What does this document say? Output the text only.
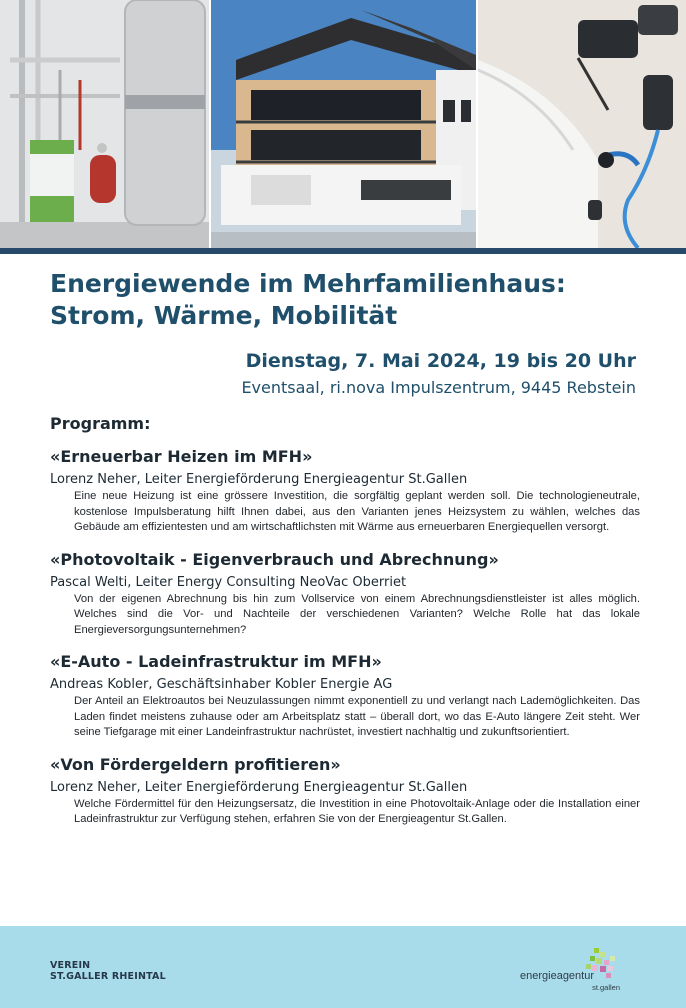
Energiewende im Mehrfamilienhaus:
Strom, Wärme, Mobilität
Dienstag, 7. Mai 2024, 19 bis 20 Uhr
Eventsaal, ri.nova Impulszentrum, 9445 Rebstein
Programm:
«Erneuerbar Heizen im MFH»
Lorenz Neher, Leiter Energieförderung Energieagentur St.Gallen
Eine neue Heizung ist eine grössere Investition, die sorgfältig geplant werden soll. Die technologieneutrale, kostenlose Impulsberatung hilft Ihnen dabei, aus den Varianten jenes Heizsystem zu wählen, welches das Gebäude am effizientesten und am wirtschaftlichsten mit Wärme aus erneuerbaren Energiequellen versorgt.
«Photovoltaik - Eigenverbrauch und Abrechnung»
Pascal Welti, Leiter Energy Consulting NeoVac Oberriet
Von der eigenen Abrechnung bis hin zum Vollservice von einem Abrechnungsdienstleister ist alles möglich. Welches sind die Vor- und Nachteile der verschiedenen Varianten? Welche Rolle hat das lokale Energieversorgungsunternehmen?
«E-Auto - Ladeinfrastruktur im MFH»
Andreas Kobler, Geschäftsinhaber Kobler Energie AG
Der Anteil an Elektroautos bei Neuzulassungen nimmt exponentiell zu und verlangt nach Lademöglichkeiten. Das Laden findet meistens zuhause oder am Arbeitsplatz statt – überall dort, wo das E-Auto längere Zeit steht. Wer seine Tiefgarage mit einer Landeinfrastruktur nachrüstet, investiert nachhaltig und zukunftsorientiert.
«Von Fördergeldern profitieren»
Lorenz Neher, Leiter Energieförderung Energieagentur St.Gallen
Welche Fördermittel für den Heizungsersatz, die Investition in eine Photovoltaik-Anlage oder die Installation einer Ladeinfrastruktur zur Verfügung stehen, erfahren Sie von der Energieagentur St.Gallen.
VEREIN
ST.GALLER RHEINTAL	energieagentur
st.gallen
